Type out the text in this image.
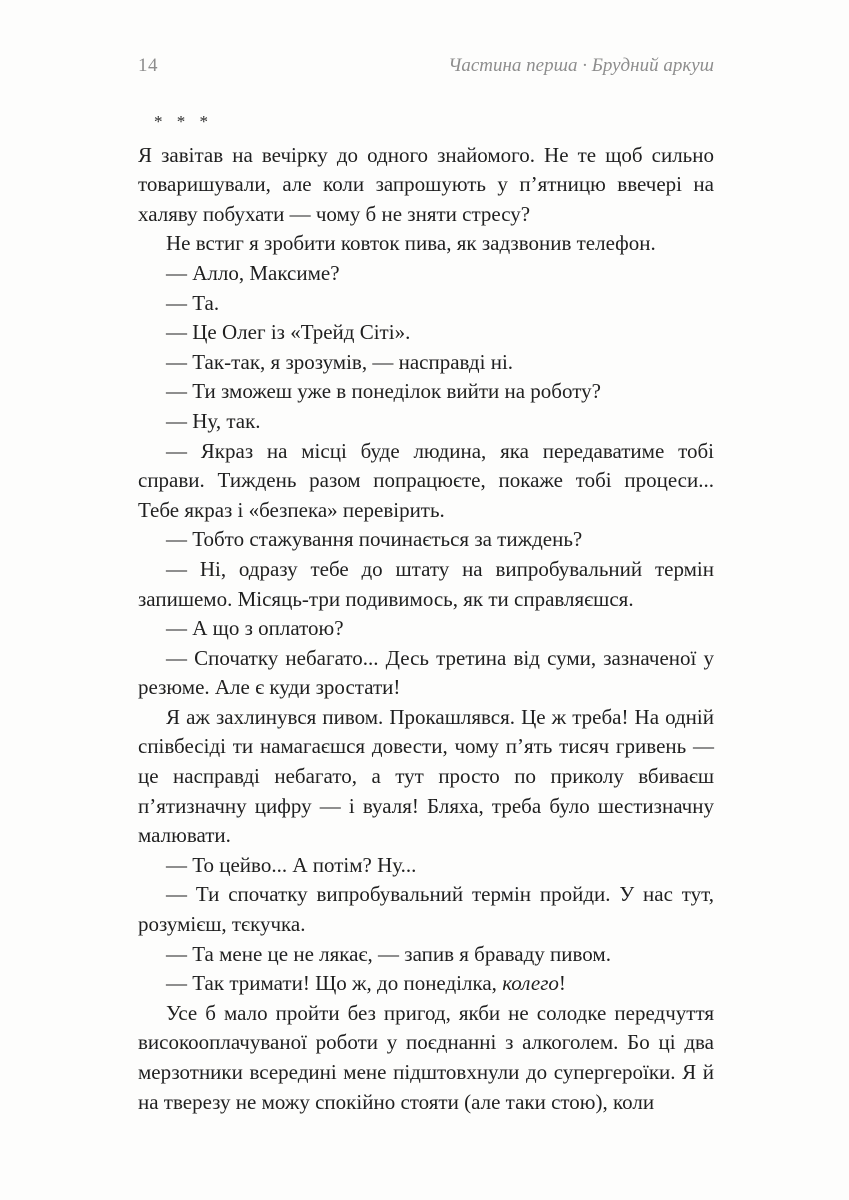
14	Частина перша · Брудний аркуш
* * *

Я завітав на вечірку до одного знайомого. Не те щоб сильно товаришували, але коли запрошують у п’ятницю ввечері на халяву побухати — чому б не зняти стресу?

Не встиг я зробити ковток пива, як задзвонив телефон.

— Алло, Максиме?

— Та.

— Це Олег із «Трейд Сіті».

— Так-так, я зрозумів, — насправді ні.

— Ти зможеш уже в понеділок вийти на роботу?

— Ну, так.

— Якраз на місці буде людина, яка передаватиме тобі справи. Тиждень разом попрацюєте, покаже тобі процеси... Тебе якраз і «безпека» перевірить.

— Тобто стажування починається за тиждень?

— Ні, одразу тебе до штату на випробувальний термін запишемо. Місяць-три подивимось, як ти справляєшся.

— А що з оплатою?

— Спочатку небагато... Десь третина від суми, зазначеної у резюме. Але є куди зростати!

Я аж захлинувся пивом. Прокашлявся. Це ж треба! На одній співбесіді ти намагаєшся довести, чому п’ять тисяч гривень — це насправді небагато, а тут просто по приколу вбиваєш п’ятизначну цифру — і вуаля! Бляха, треба було шестизначну малювати.

— То цейво... А потім? Ну...

— Ти спочатку випробувальний термін пройди. У нас тут, розумієш, тєкучка.

— Та мене це не лякає, — запив я браваду пивом.

— Так тримати! Що ж, до понеділка, колего!

Усе б мало пройти без пригод, якби не солодке передчуття високооплачуваної роботи у поєднанні з алкоголем. Бо ці два мерзотники всередині мене підштовхнули до супергероїки. Я й на тверезу не можу спокійно стояти (але таки стою), коли
